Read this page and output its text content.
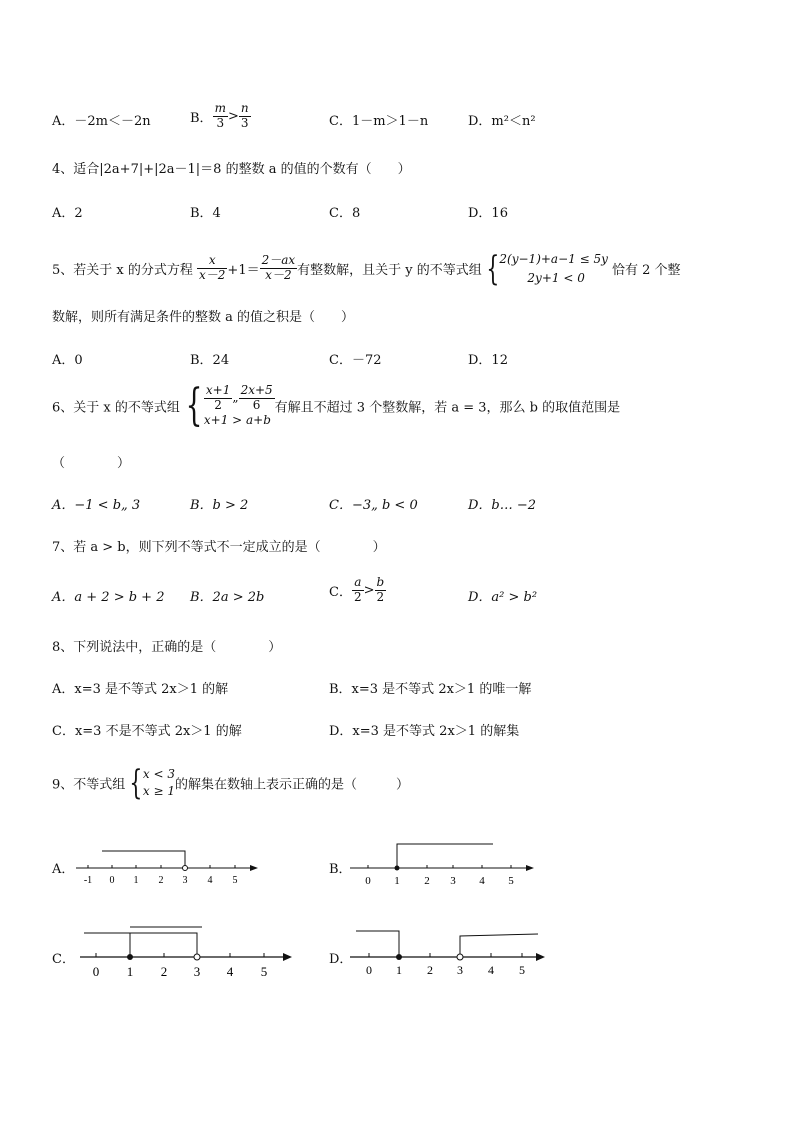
A．－2m＜－2n	B． $\frac{m}{3} > \frac{n}{3}$	C．1－m＞1－n	D．m²＜n²
4、适合|2a+7|+|2a－1|＝8 的整数 a 的值的个数有（　　）
A．2	B．4	C．8	D．16
5、若关于 x 的分式方程 $\frac{x}{x-2} +1= \frac{2-ax}{x-2}$ 有整数解，且关于 y 的不等式组 { 2(y−1)+a−1 ≤ 5y
2y+1 < 0	恰有 2 个整
数解，则所有满足条件的整数 a 的值之积是（　　）
A．0	B．24	C．－72	D．12
6、关于 x 的不等式组 { $\frac{x+1}{2}$ „ $\frac{2x+5}{6}$
x+1 > a+b
有解且不超过 3 个整数解，若 a = 3，那么 b 的取值范围是
（　　　　）
A．−1 < b„ 3	B．b > 2	C．−3„ b < 0	D．b… −2
7、若 a > b，则下列不等式不一定成立的是（　　　　）
A．a + 2 > b + 2 B．2a > 2b	C． $\frac{a}{2} > \frac{b}{2}$	D．a² > b²
8、下列说法中，正确的是（　　　　）
A．x=3 是不等式 2x＞1 的解	B．x=3 是不等式 2x＞1 的唯一解
C．x=3 不是不等式 2x＞1 的解	D．x=3 是不等式 2x＞1 的解集
9、不等式组 { x < 3
x ≥ 1 的解集在数轴上表示正确的是（　　　）
A．
-1 0 1 2 3 4 5
B．
0 1 2 3 4 5
C．
0 1 2 3 4 5
D．
0 1 2 3 4 5
